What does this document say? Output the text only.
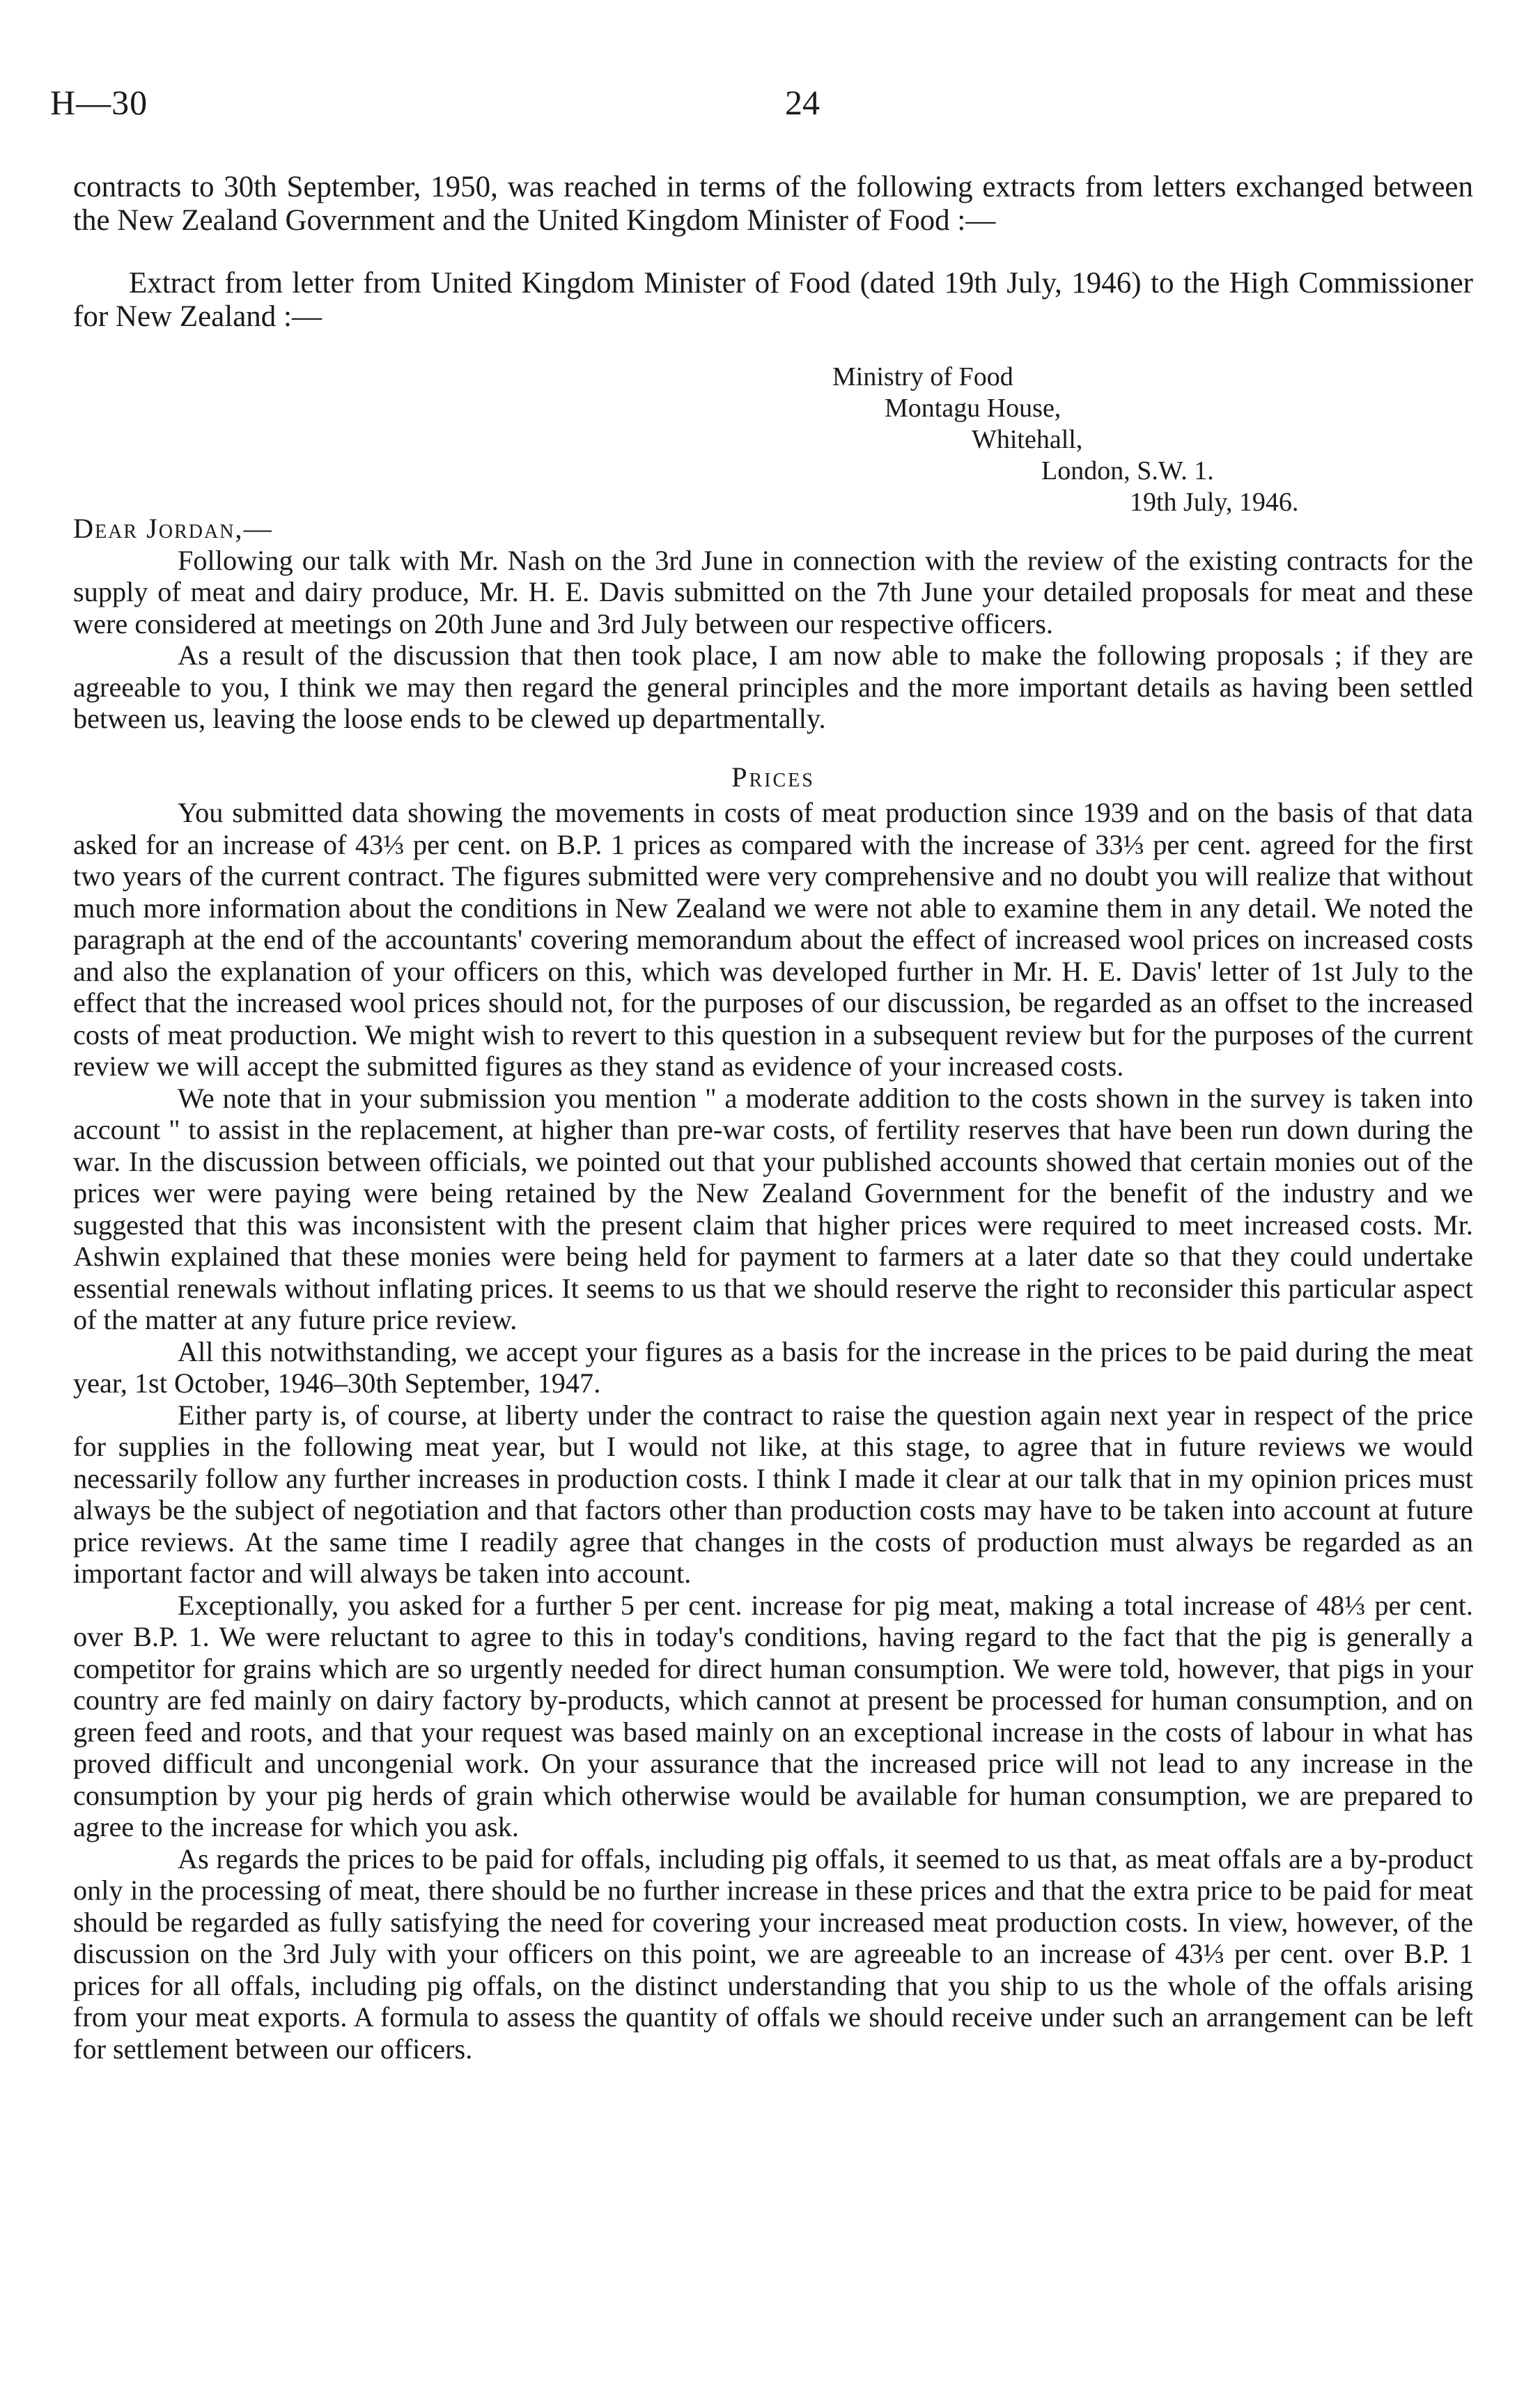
H—30	24

contracts to 30th September, 1950, was reached in terms of the following extracts from letters exchanged between the New Zealand Government and the United Kingdom Minister of Food :—

Extract from letter from United Kingdom Minister of Food (dated 19th July, 1946) to the High Commissioner for New Zealand :—

Ministry of Food
Montagu House,
Whitehall,
London, S.W. 1.
19th July, 1946.

Dear Jordan,—

Following our talk with Mr. Nash on the 3rd June in connection with the review of the existing contracts for the supply of meat and dairy produce, Mr. H. E. Davis submitted on the 7th June your detailed proposals for meat and these were considered at meetings on 20th June and 3rd July between our respective officers.

As a result of the discussion that then took place, I am now able to make the following proposals ; if they are agreeable to you, I think we may then regard the general principles and the more important details as having been settled between us, leaving the loose ends to be clewed up departmentally.

Prices

You submitted data showing the movements in costs of meat production since 1939 and on the basis of that data asked for an increase of 43⅓ per cent. on B.P. 1 prices as compared with the increase of 33⅓ per cent. agreed for the first two years of the current contract. The figures submitted were very comprehensive and no doubt you will realize that without much more information about the conditions in New Zealand we were not able to examine them in any detail. We noted the paragraph at the end of the accountants' covering memorandum about the effect of increased wool prices on increased costs and also the explanation of your officers on this, which was developed further in Mr. H. E. Davis' letter of 1st July to the effect that the increased wool prices should not, for the purposes of our discussion, be regarded as an offset to the increased costs of meat production. We might wish to revert to this question in a subsequent review but for the purposes of the current review we will accept the submitted figures as they stand as evidence of your increased costs.

We note that in your submission you mention " a moderate addition to the costs shown in the survey is taken into account " to assist in the replacement, at higher than pre-war costs, of fertility reserves that have been run down during the war. In the discussion between officials, we pointed out that your published accounts showed that certain monies out of the prices wer were paying were being retained by the New Zealand Government for the benefit of the industry and we suggested that this was inconsistent with the present claim that higher prices were required to meet increased costs. Mr. Ashwin explained that these monies were being held for payment to farmers at a later date so that they could undertake essential renewals without inflating prices. It seems to us that we should reserve the right to reconsider this particular aspect of the matter at any future price review.

All this notwithstanding, we accept your figures as a basis for the increase in the prices to be paid during the meat year, 1st October, 1946–30th September, 1947.

Either party is, of course, at liberty under the contract to raise the question again next year in respect of the price for supplies in the following meat year, but I would not like, at this stage, to agree that in future reviews we would necessarily follow any further increases in production costs. I think I made it clear at our talk that in my opinion prices must always be the subject of negotiation and that factors other than production costs may have to be taken into account at future price reviews. At the same time I readily agree that changes in the costs of production must always be regarded as an important factor and will always be taken into account.

Exceptionally, you asked for a further 5 per cent. increase for pig meat, making a total increase of 48⅓ per cent. over B.P. 1. We were reluctant to agree to this in today's conditions, having regard to the fact that the pig is generally a competitor for grains which are so urgently needed for direct human consumption. We were told, however, that pigs in your country are fed mainly on dairy factory by-products, which cannot at present be processed for human consumption, and on green feed and roots, and that your request was based mainly on an exceptional increase in the costs of labour in what has proved difficult and uncongenial work. On your assurance that the increased price will not lead to any increase in the consumption by your pig herds of grain which otherwise would be available for human consumption, we are prepared to agree to the increase for which you ask.

As regards the prices to be paid for offals, including pig offals, it seemed to us that, as meat offals are a by-product only in the processing of meat, there should be no further increase in these prices and that the extra price to be paid for meat should be regarded as fully satisfying the need for covering your increased meat production costs. In view, however, of the discussion on the 3rd July with your officers on this point, we are agreeable to an increase of 43⅓ per cent. over B.P. 1 prices for all offals, including pig offals, on the distinct understanding that you ship to us the whole of the offals arising from your meat exports. A formula to assess the quantity of offals we should receive under such an arrangement can be left for settlement between our officers.
